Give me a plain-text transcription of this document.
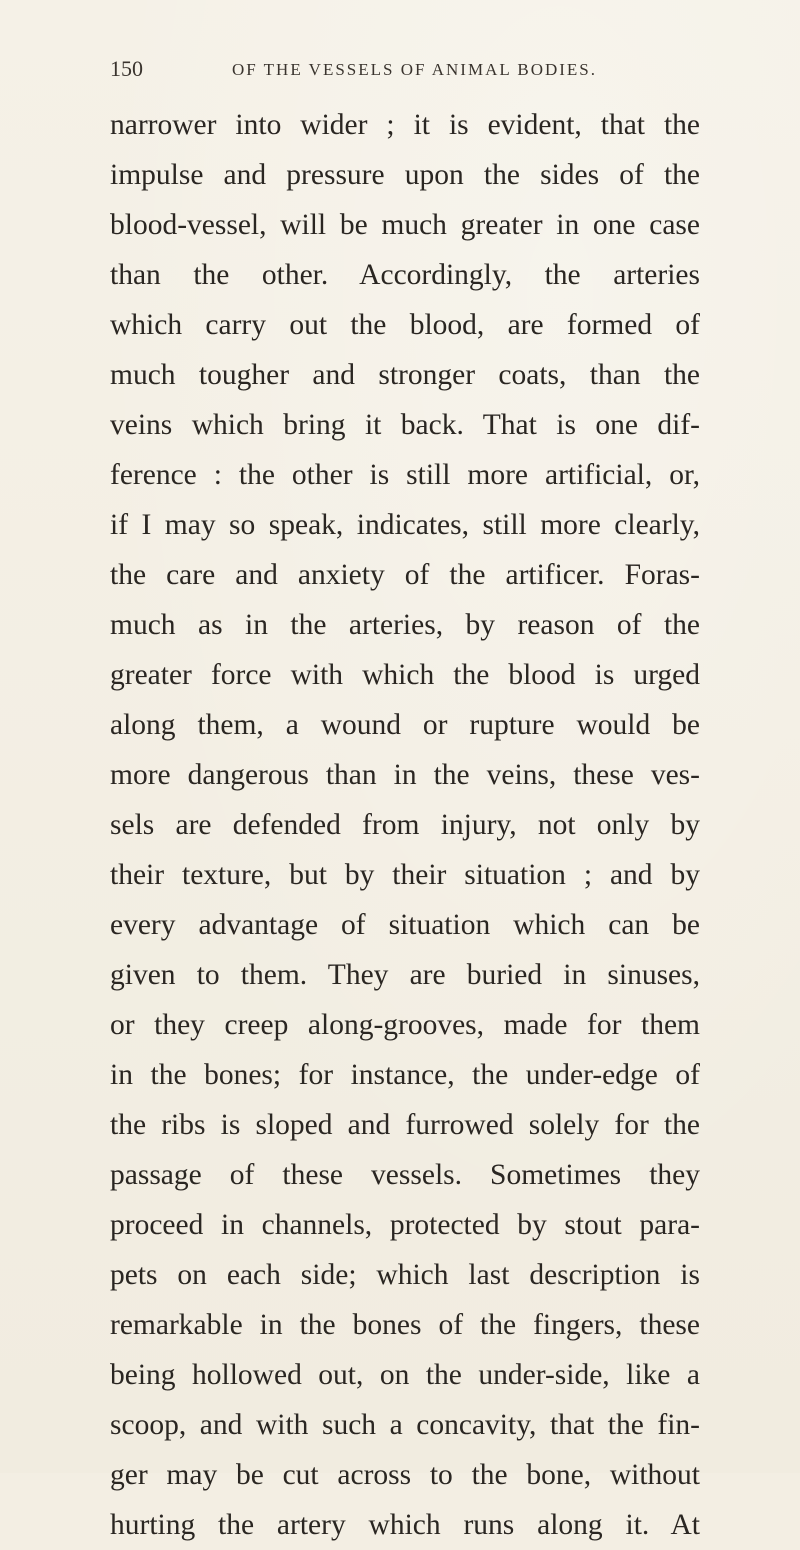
150	OF THE VESSELS OF ANIMAL BODIES.
narrower into wider ; it is evident, that the
impulse and pressure upon the sides of the
blood-vessel, will be much greater in one case
than the other. Accordingly, the arteries
which carry out the blood, are formed of
much tougher and stronger coats, than the
veins which bring it back. That is one dif-
ference : the other is still more artificial, or,
if I may so speak, indicates, still more clearly,
the care and anxiety of the artificer. Foras-
much as in the arteries, by reason of the
greater force with which the blood is urged
along them, a wound or rupture would be
more dangerous than in the veins, these ves-
sels are defended from injury, not only by
their texture, but by their situation ; and by
every advantage of situation which can be
given to them. They are buried in sinuses,
or they creep along-grooves, made for them
in the bones; for instance, the under-edge of
the ribs is sloped and furrowed solely for the
passage of these vessels. Sometimes they
proceed in channels, protected by stout para-
pets on each side; which last description is
remarkable in the bones of the fingers, these
being hollowed out, on the under-side, like a
scoop, and with such a concavity, that the fin-
ger may be cut across to the bone, without
hurting the artery which runs along it. At
